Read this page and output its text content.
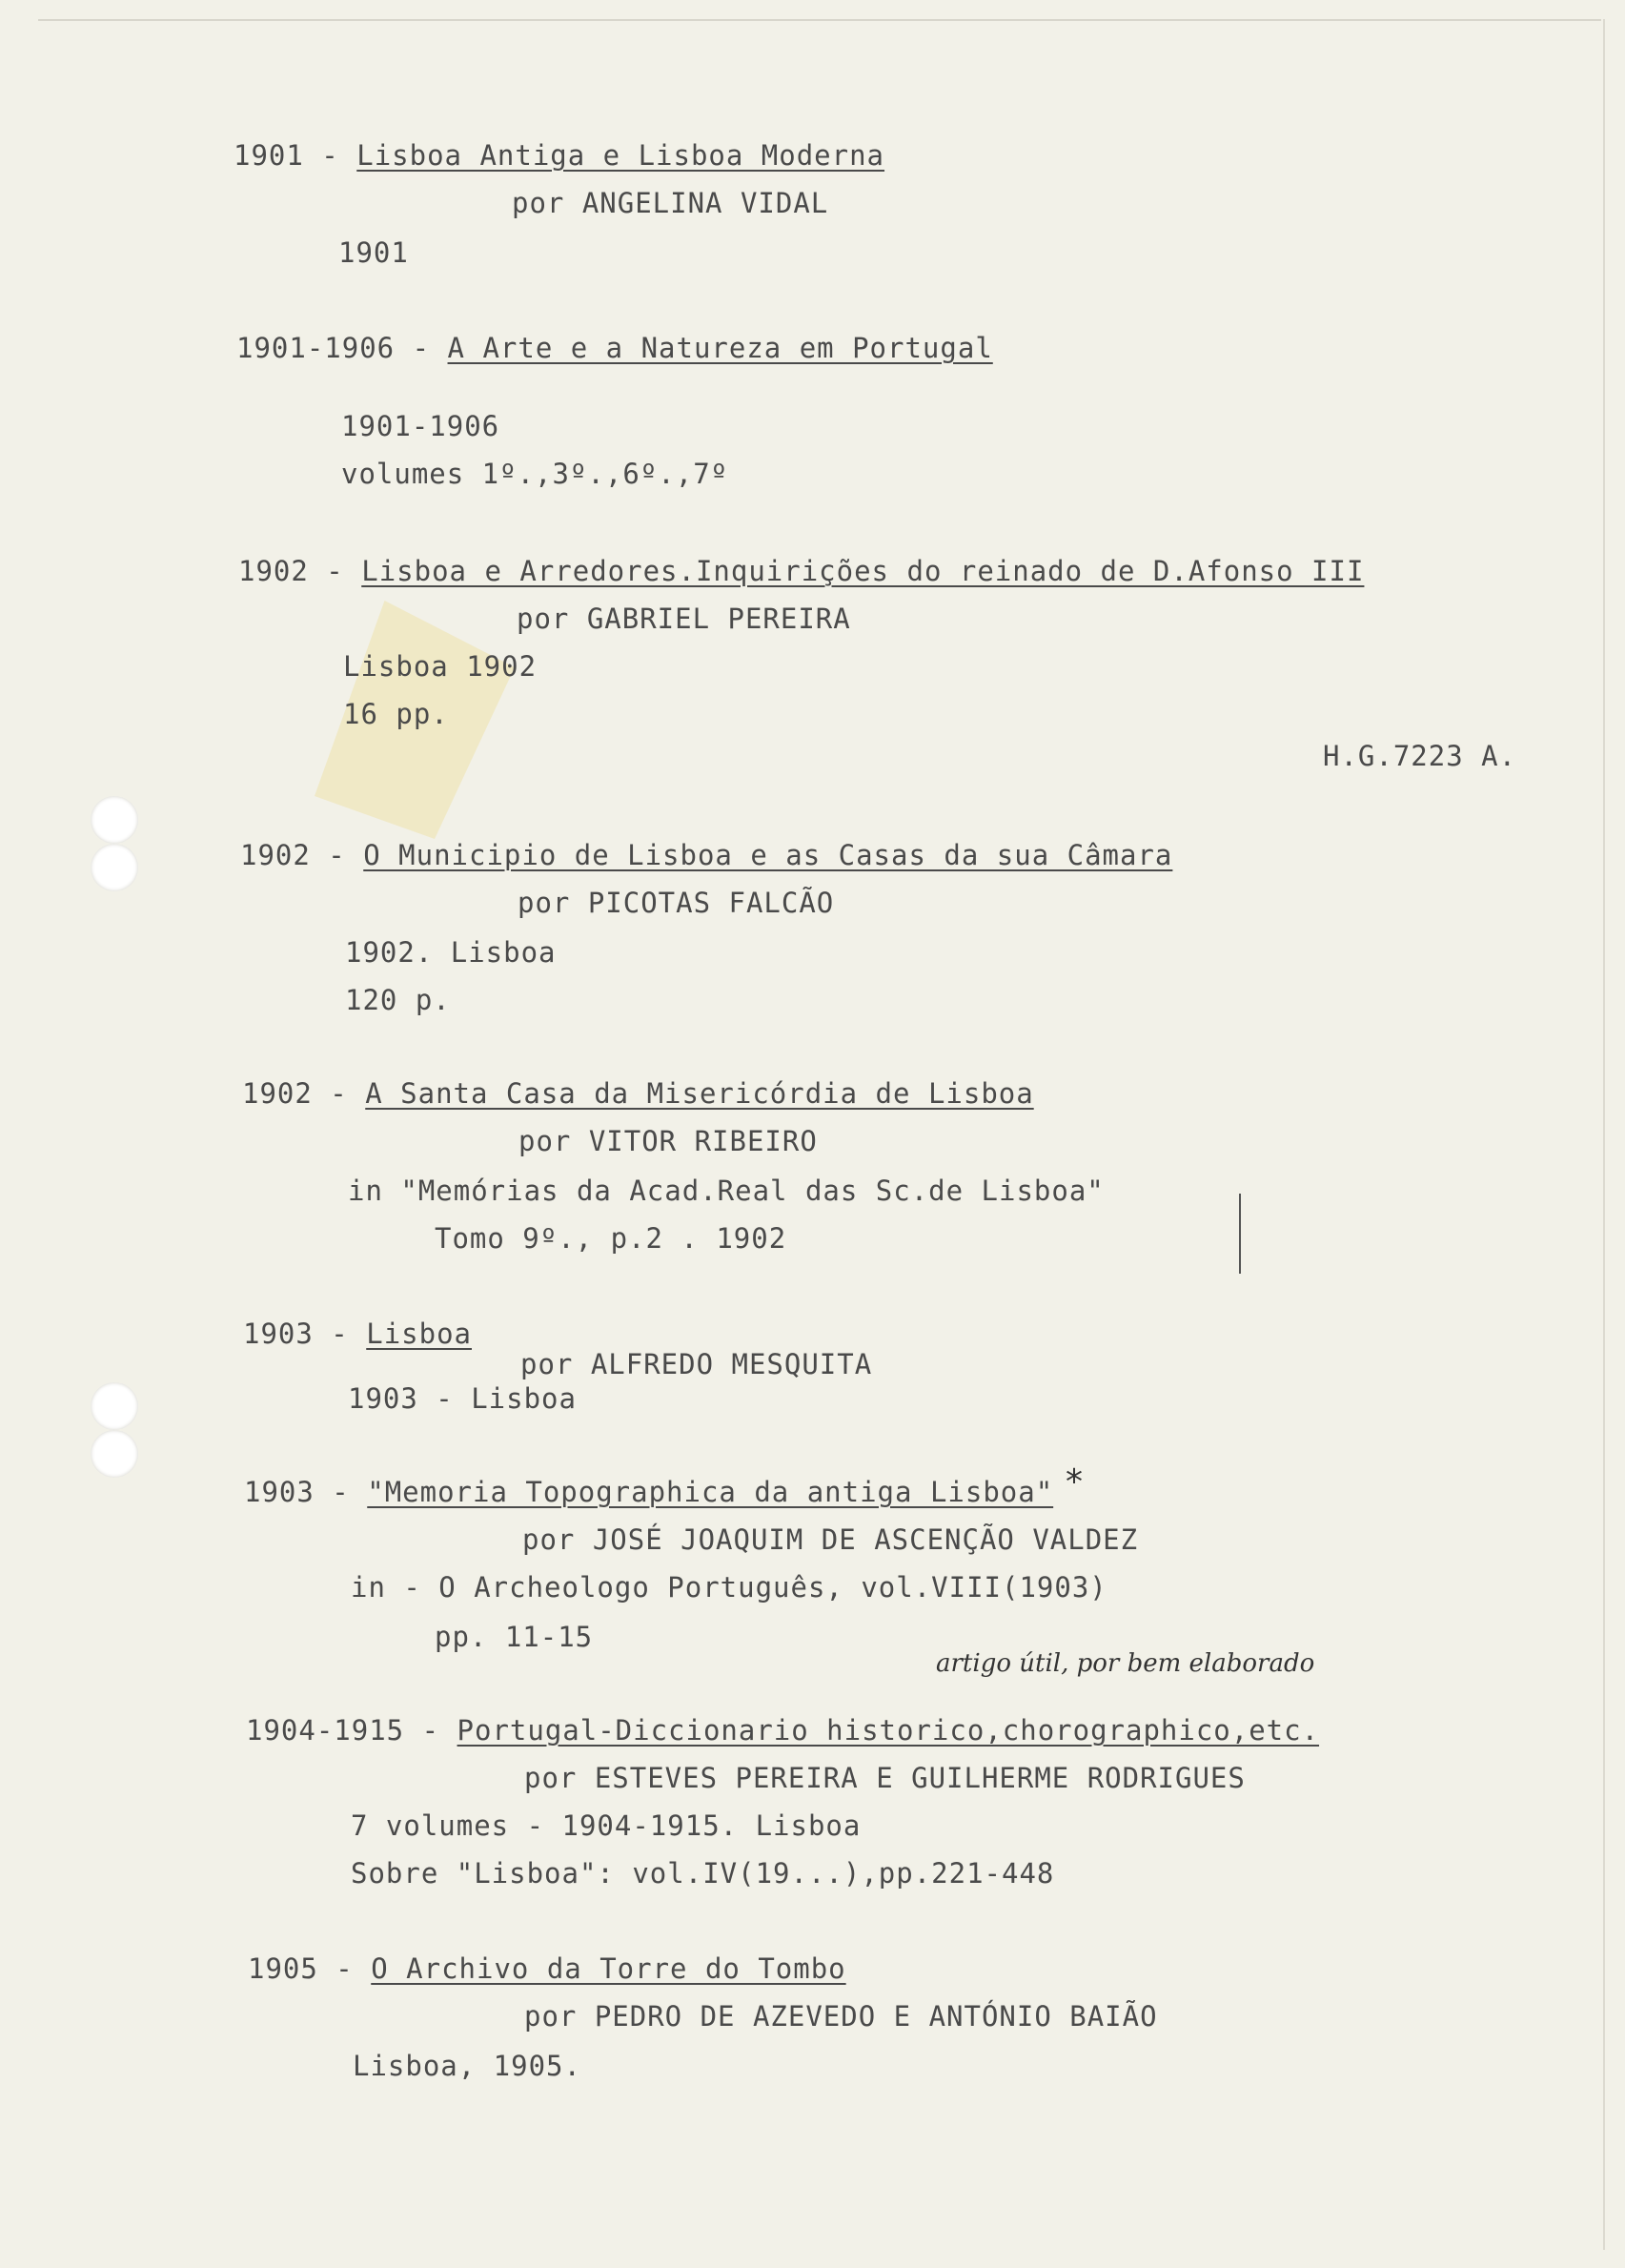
1901 - Lisboa Antiga e Lisboa Moderna
por ANGELINA VIDAL
1901
1901-1906 - A Arte e a Natureza em Portugal
1901-1906
volumes 1º.,3º.,6º.,7º
1902 - Lisboa e Arredores.Inquirições do reinado de D.Afonso III
por GABRIEL PEREIRA
Lisboa 1902
16 pp.
H.G.7223 A.
1902 - O Municipio de Lisboa e as Casas da sua Câmara
por PICOTAS FALCÃO
1902. Lisboa
120 p.
1902 - A Santa Casa da Misericórdia de Lisboa
por VITOR RIBEIRO
in "Memórias da Acad.Real das Sc.de Lisboa"
Tomo 9º., p.2 . 1902
1903 - Lisboa
por ALFREDO MESQUITA
1903 - Lisboa
1903 - "Memoria Topographica da antiga Lisboa" *
por JOSÉ JOAQUIM DE ASCENÇÃO VALDEZ
in - O Archeologo Português, vol.VIII(1903)
pp. 11-15
artigo útil, por bem elaborado
1904-1915 - Portugal-Diccionario historico,chorographico,etc.
por ESTEVES PEREIRA E GUILHERME RODRIGUES
7 volumes - 1904-1915. Lisboa
Sobre "Lisboa": vol.IV(19...),pp.221-448
1905 - O Archivo da Torre do Tombo
por PEDRO DE AZEVEDO E ANTÓNIO BAIÃO
Lisboa, 1905.
